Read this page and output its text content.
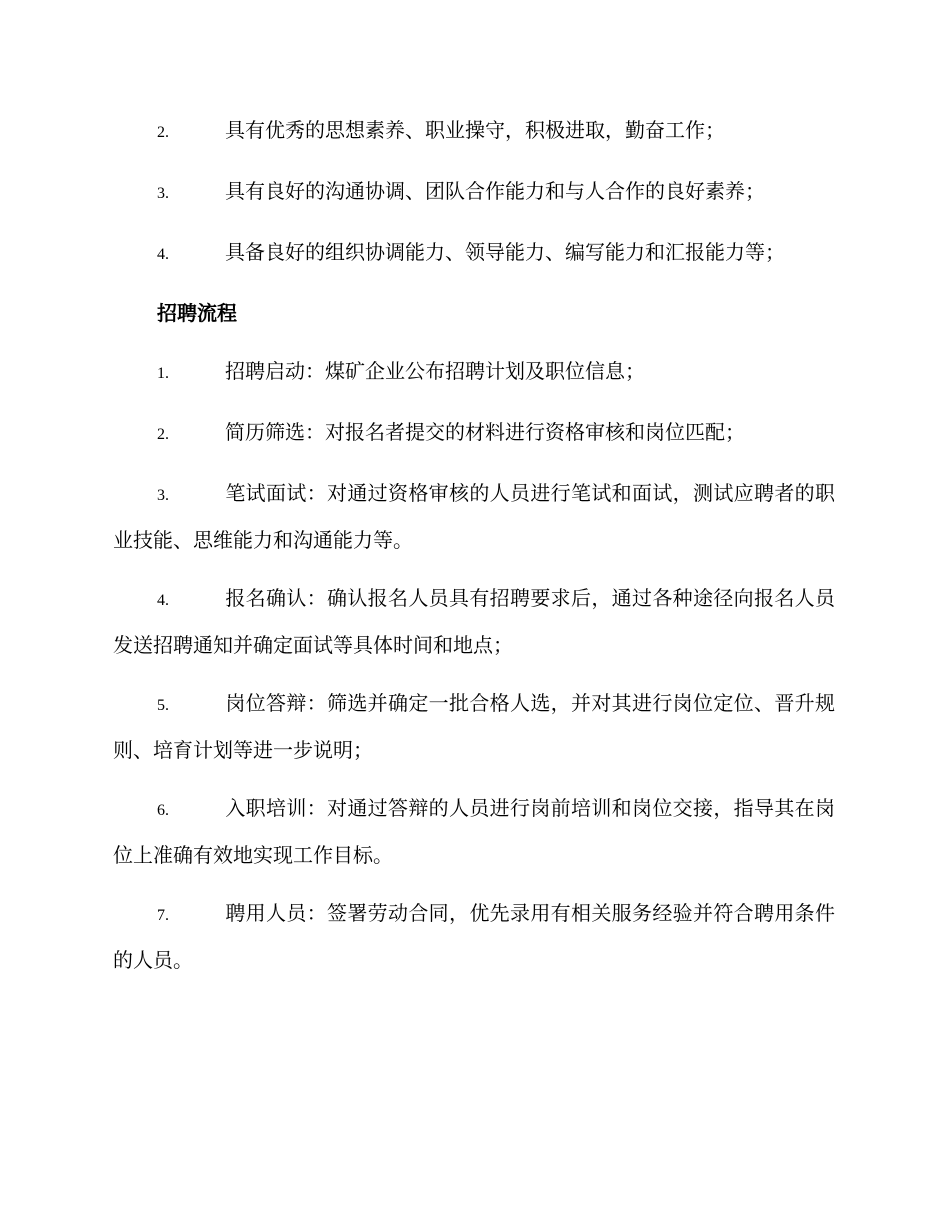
2.	具有优秀的思想素养、职业操守，积极进取，勤奋工作；

3.	具有良好的沟通协调、团队合作能力和与人合作的良好素养；

4.	具备良好的组织协调能力、领导能力、编写能力和汇报能力等；

招聘流程

1.	招聘启动：煤矿企业公布招聘计划及职位信息；

2.	简历筛选：对报名者提交的材料进行资格审核和岗位匹配；

3.	笔试面试：对通过资格审核的人员进行笔试和面试，测试应聘者的职业技能、思维能力和沟通能力等。

4.	报名确认：确认报名人员具有招聘要求后，通过各种途径向报名人员发送招聘通知并确定面试等具体时间和地点；

5.	岗位答辩：筛选并确定一批合格人选，并对其进行岗位定位、晋升规则、培育计划等进一步说明；

6.	入职培训：对通过答辩的人员进行岗前培训和岗位交接，指导其在岗位上准确有效地实现工作目标。

7.	聘用人员：签署劳动合同，优先录用有相关服务经验并符合聘用条件的人员。
